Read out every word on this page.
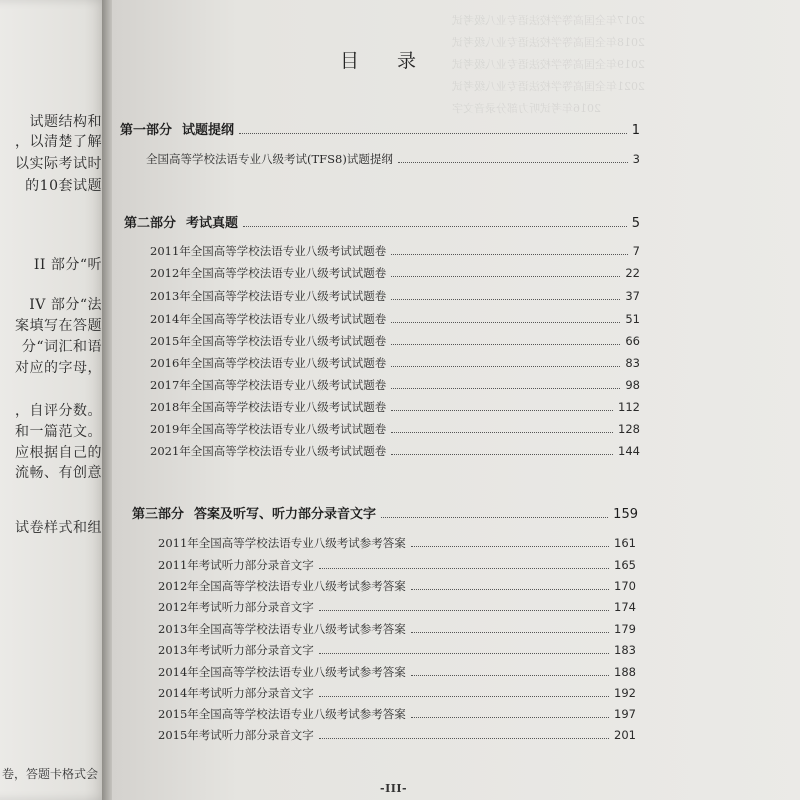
试题结构和
，以清楚了解
以实际考试时
的10套试题
II 部分“听
IV 部分“法
案填写在答题
分“词汇和语
对应的字母，
，自评分数。
和一篇范文。
应根据自己的
流畅、有创意
试卷样式和组
卷，答题卡格式会
2017年全国高等学校法语专业八级考试
2018年全国高等学校法语专业八级考试
2019年全国高等学校法语专业八级考试
2021年全国高等学校法语专业八级考试
2016年考试听力部分录音文字
目 录
第一部分 试题提纲	1
全国高等学校法语专业八级考试(TFS8)试题提纲	3
第二部分 考试真题	5
2011年全国高等学校法语专业八级考试试题卷	7
2012年全国高等学校法语专业八级考试试题卷	22
2013年全国高等学校法语专业八级考试试题卷	37
2014年全国高等学校法语专业八级考试试题卷	51
2015年全国高等学校法语专业八级考试试题卷	66
2016年全国高等学校法语专业八级考试试题卷	83
2017年全国高等学校法语专业八级考试试题卷	98
2018年全国高等学校法语专业八级考试试题卷	112
2019年全国高等学校法语专业八级考试试题卷	128
2021年全国高等学校法语专业八级考试试题卷	144
第三部分 答案及听写、听力部分录音文字	159
2011年全国高等学校法语专业八级考试参考答案	161
2011年考试听力部分录音文字	165
2012年全国高等学校法语专业八级考试参考答案	170
2012年考试听力部分录音文字	174
2013年全国高等学校法语专业八级考试参考答案	179
2013年考试听力部分录音文字	183
2014年全国高等学校法语专业八级考试参考答案	188
2014年考试听力部分录音文字	192
2015年全国高等学校法语专业八级考试参考答案	197
2015年考试听力部分录音文字	201
-III-
